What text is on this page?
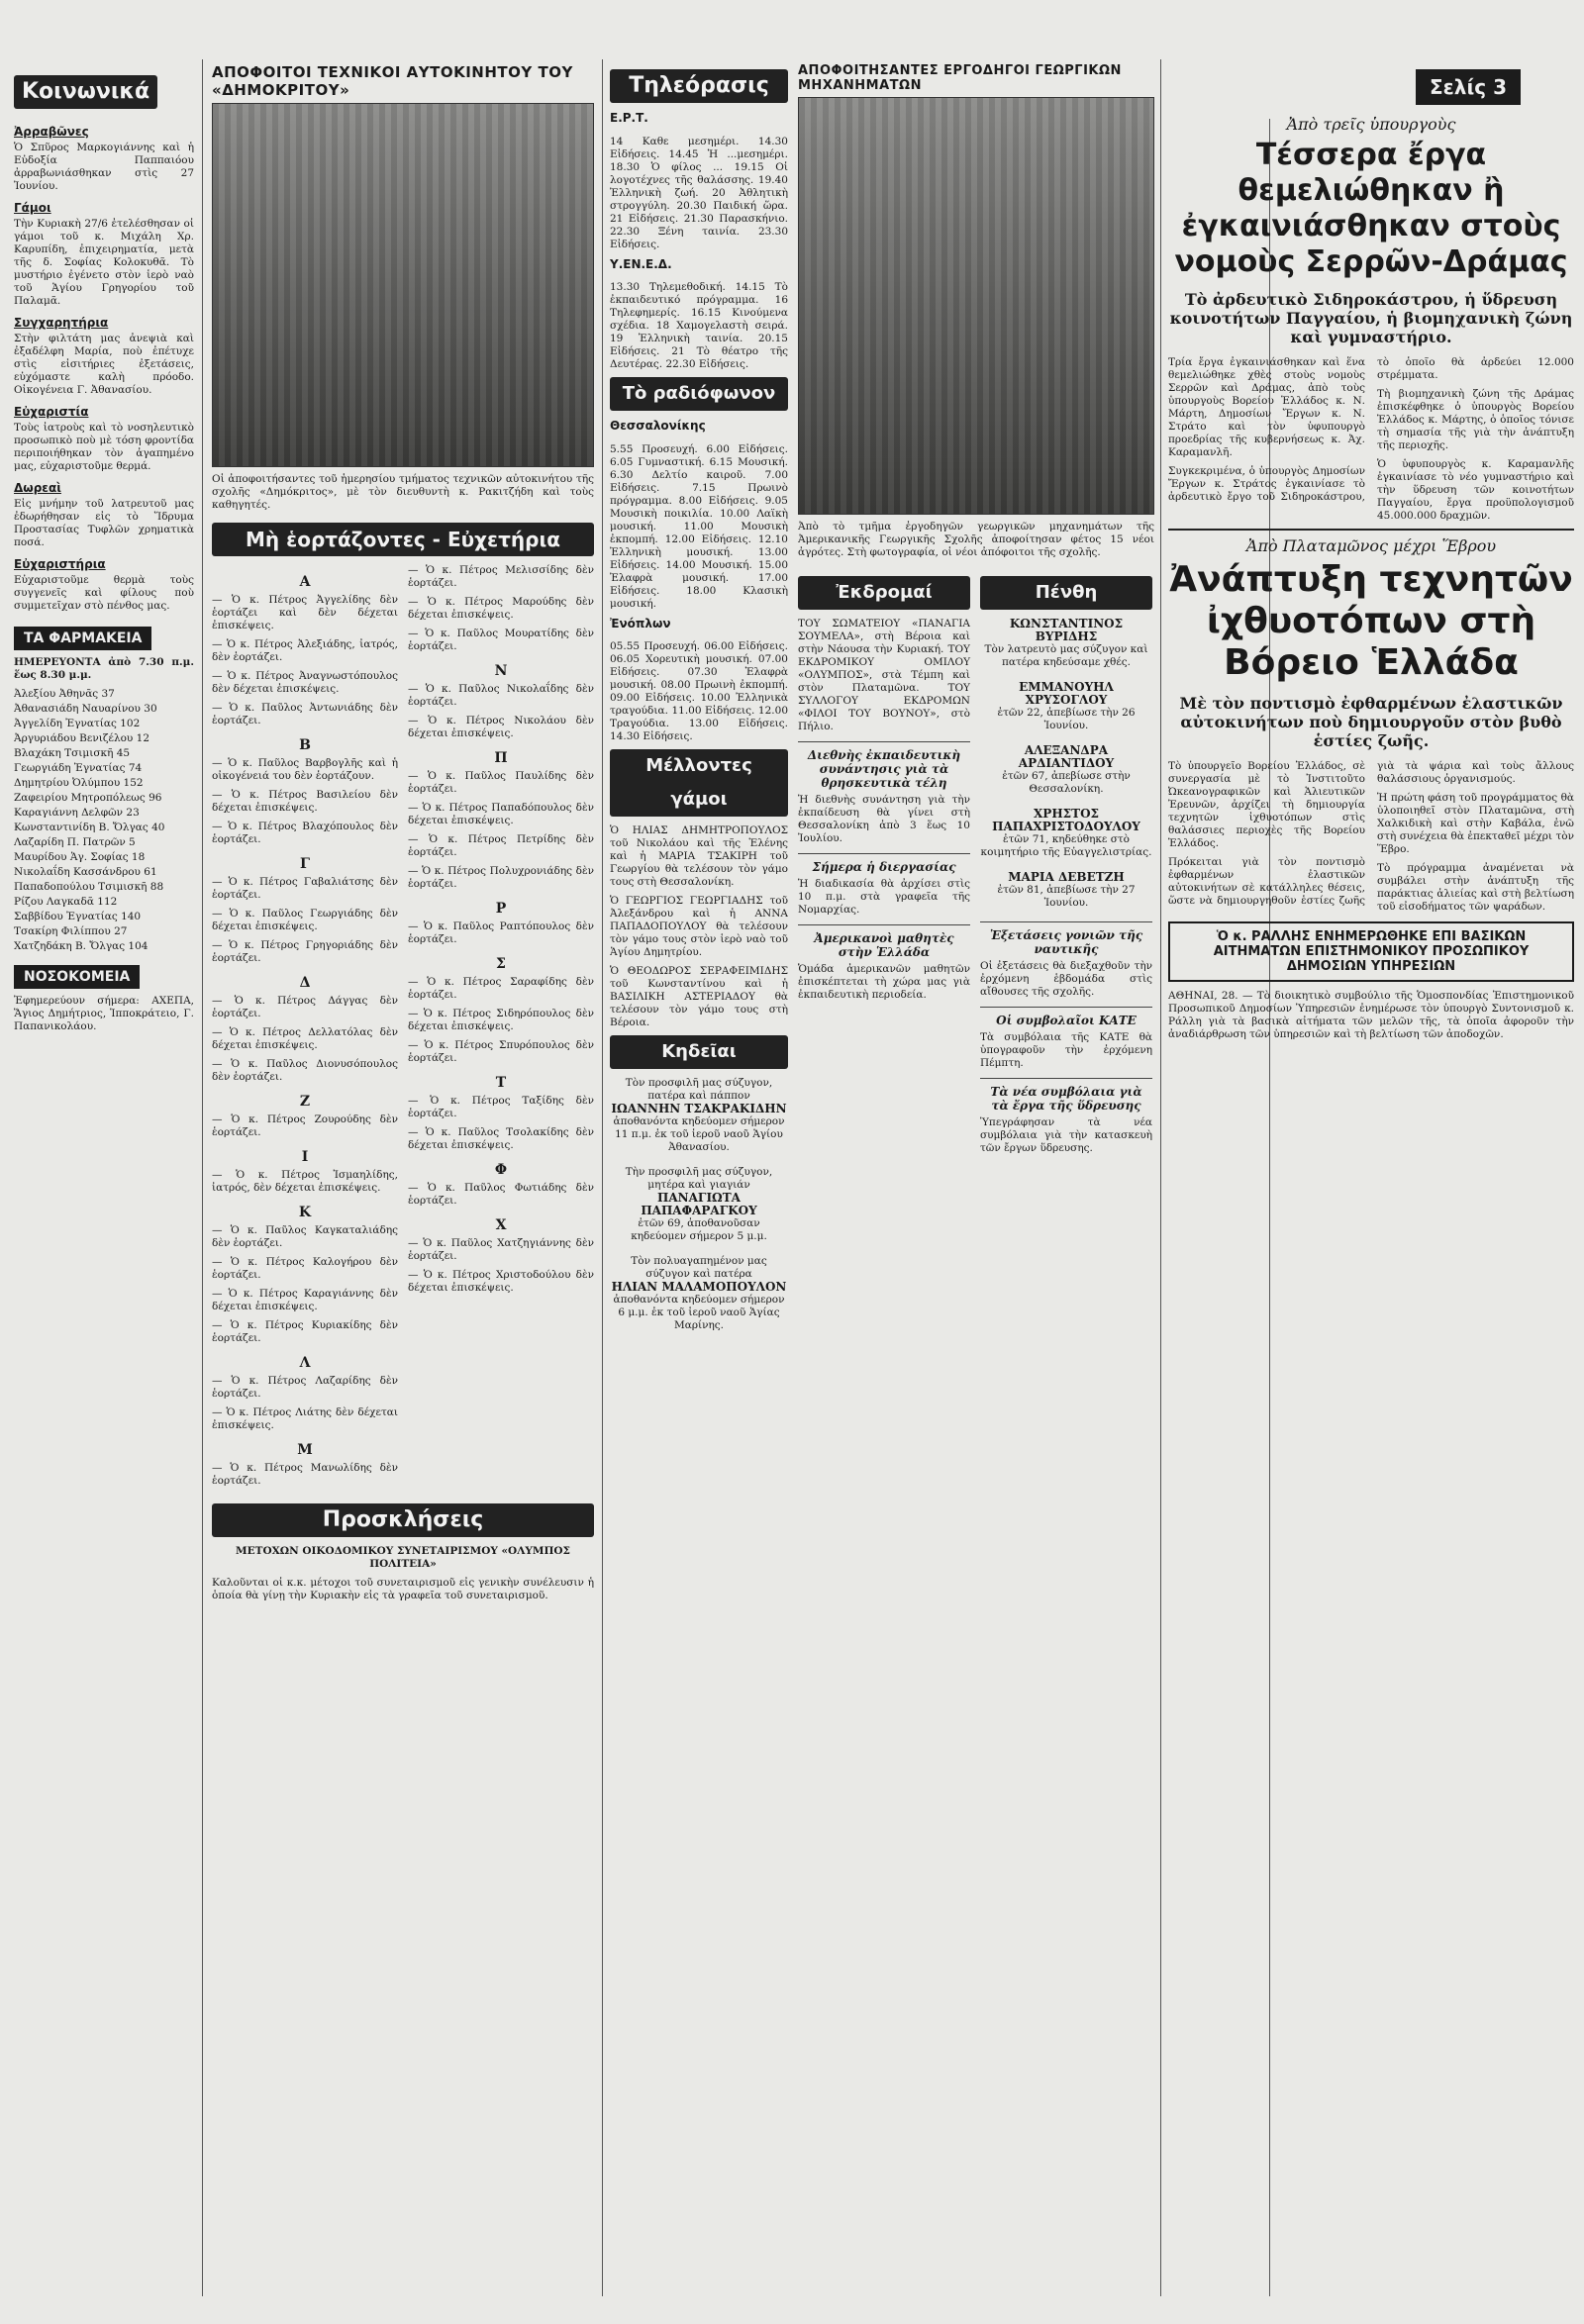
Σελίς 3
Κοινωνικά
Ἀρραβῶνες

Ὁ Σπῦρος Μαρκογιάννης καὶ ἡ Εὐδοξία Παππαιόου ἀρραβωνιάσθηκαν στὶς 27 Ἰουνίου.

Γάμοι

Τὴν Κυριακὴ 27/6 ἐτελέσθησαν οἱ γάμοι τοῦ κ. Μιχάλη Χρ. Καρυπίδη, ἐπιχειρηματία, μετὰ τῆς δ. Σοφίας Κολοκυθᾶ. Τὸ μυστήριο ἐγένετο στὸν ἱερὸ ναὸ τοῦ Ἁγίου Γρηγορίου τοῦ Παλαμᾶ.

Συγχαρητήρια

Στὴν φιλτάτη μας ἀνεψιὰ καὶ ἐξαδέλφη Μαρία, ποὺ ἐπέτυχε στὶς εἰσιτήριες ἐξετάσεις, εὐχόμαστε καλὴ πρόοδο. Οἰκογένεια Γ. Ἀθανασίου.

Εὐχαριστία

Τοὺς ἰατροὺς καὶ τὸ νοσηλευτικὸ προσωπικὸ ποὺ μὲ τόση φροντίδα περιποιήθηκαν τὸν ἀγαπημένο μας, εὐχαριστοῦμε θερμά.

Δωρεαὶ

Εἰς μνήμην τοῦ λατρευτοῦ μας ἐδωρήθησαν εἰς τὸ Ἵδρυμα Προστασίας Τυφλῶν χρηματικὰ ποσά.

Εὐχαριστήρια

Εὐχαριστοῦμε θερμὰ τοὺς συγγενεῖς καὶ φίλους ποὺ συμμετεῖχαν στὸ πένθος μας.

ΤΑ ΦΑΡΜΑΚΕΙΑ

ΗΜΕΡΕΥΟΝΤΑ ἀπὸ 7.30 π.μ. ἕως 8.30 μ.μ.

Ἀλεξίου Ἀθηνᾶς 37
Ἀθανασιάδη Ναυαρίνου 30
Ἀγγελίδη Ἐγνατίας 102
Ἀργυριάδου Βενιζέλου 12
Βλαχάκη Τσιμισκῆ 45
Γεωργιάδη Ἐγνατίας 74
Δημητρίου Ὀλύμπου 152
Ζαφειρίου Μητροπόλεως 96
Καραγιάννη Δελφῶν 23
Κωνσταντινίδη Β. Ὄλγας 40
Λαζαρίδη Π. Πατρῶν 5
Μαυρίδου Ἁγ. Σοφίας 18
Νικολαΐδη Κασσάνδρου 61
Παπαδοπούλου Τσιμισκῆ 88
Ρίζου Λαγκαδᾶ 112
Σαββίδου Ἐγνατίας 140
Τσακίρη Φιλίππου 27
Χατζηδάκη Β. Ὄλγας 104
ΝΟΣΟΚΟΜΕΙΑ

Ἐφημερεύουν σήμερα: ΑΧΕΠΑ, Ἅγιος Δημήτριος, Ἱπποκράτειο, Γ. Παπανικολάου.

ΑΠΟΦΟΙΤΟΙ ΤΕΧΝΙΚΟΙ ΑΥΤΟΚΙΝΗΤΟΥ ΤΟΥ «ΔΗΜΟΚΡΙΤΟΥ»

Οἱ ἀποφοιτήσαντες τοῦ ἡμερησίου τμήματος τεχνικῶν αὐτοκινήτου τῆς σχολῆς «Δημόκριτος», μὲ τὸν διευθυντὴ κ. Ρακιτζήδη καὶ τοὺς καθηγητές.

Μὴ ἑορτάζοντες - Εὐχετήρια
Α

— Ὁ κ. Πέτρος Ἀγγελίδης δὲν ἑορτάζει καὶ δὲν δέχεται ἐπισκέψεις.

— Ὁ κ. Πέτρος Ἀλεξιάδης, ἰατρός, δὲν ἑορτάζει.

— Ὁ κ. Πέτρος Ἀναγνωστόπουλος δὲν δέχεται ἐπισκέψεις.

— Ὁ κ. Παῦλος Ἀντωνιάδης δὲν ἑορτάζει.

Β

— Ὁ κ. Παῦλος Βαρβογλῆς καὶ ἡ οἰκογένειά του δὲν ἑορτάζουν.

— Ὁ κ. Πέτρος Βασιλείου δὲν δέχεται ἐπισκέψεις.

— Ὁ κ. Πέτρος Βλαχόπουλος δὲν ἑορτάζει.

Γ

— Ὁ κ. Πέτρος Γαβαλιάτσης δὲν ἑορτάζει.

— Ὁ κ. Παῦλος Γεωργιάδης δὲν δέχεται ἐπισκέψεις.

— Ὁ κ. Πέτρος Γρηγοριάδης δὲν ἑορτάζει.

Δ

— Ὁ κ. Πέτρος Δάγγας δὲν ἑορτάζει.

— Ὁ κ. Πέτρος Δελλατόλας δὲν δέχεται ἐπισκέψεις.

— Ὁ κ. Παῦλος Διονυσόπουλος δὲν ἑορτάζει.

Ζ

— Ὁ κ. Πέτρος Ζουρούδης δὲν ἑορτάζει.

Ι

— Ὁ κ. Πέτρος Ἰσμαηλίδης, ἰατρός, δὲν δέχεται ἐπισκέψεις.

Κ

— Ὁ κ. Παῦλος Καγκαταλιάδης δὲν ἑορτάζει.

— Ὁ κ. Πέτρος Καλογήρου δὲν ἑορτάζει.

— Ὁ κ. Πέτρος Καραγιάννης δὲν δέχεται ἐπισκέψεις.

— Ὁ κ. Πέτρος Κυριακίδης δὲν ἑορτάζει.

Λ

— Ὁ κ. Πέτρος Λαζαρίδης δὲν ἑορτάζει.

— Ὁ κ. Πέτρος Λιάτης δὲν δέχεται ἐπισκέψεις.

Μ

— Ὁ κ. Πέτρος Μανωλίδης δὲν ἑορτάζει.

— Ὁ κ. Πέτρος Μελισσίδης δὲν ἑορτάζει.

— Ὁ κ. Πέτρος Μαρούδης δὲν δέχεται ἐπισκέψεις.

— Ὁ κ. Παῦλος Μουρατίδης δὲν ἑορτάζει.

Ν

— Ὁ κ. Παῦλος Νικολαΐδης δὲν ἑορτάζει.

— Ὁ κ. Πέτρος Νικολάου δὲν δέχεται ἐπισκέψεις.

Π

— Ὁ κ. Παῦλος Παυλίδης δὲν ἑορτάζει.

— Ὁ κ. Πέτρος Παπαδόπουλος δὲν δέχεται ἐπισκέψεις.

— Ὁ κ. Πέτρος Πετρίδης δὲν ἑορτάζει.

— Ὁ κ. Πέτρος Πολυχρονιάδης δὲν ἑορτάζει.

Ρ

— Ὁ κ. Παῦλος Ραπτόπουλος δὲν ἑορτάζει.

Σ

— Ὁ κ. Πέτρος Σαραφίδης δὲν ἑορτάζει.

— Ὁ κ. Πέτρος Σιδηρόπουλος δὲν δέχεται ἐπισκέψεις.

— Ὁ κ. Πέτρος Σπυρόπουλος δὲν ἑορτάζει.

Τ

— Ὁ κ. Πέτρος Ταξίδης δὲν ἑορτάζει.

— Ὁ κ. Παῦλος Τσολακίδης δὲν δέχεται ἐπισκέψεις.

Φ

— Ὁ κ. Παῦλος Φωτιάδης δὲν ἑορτάζει.

Χ

— Ὁ κ. Παῦλος Χατζηγιάννης δὲν ἑορτάζει.

— Ὁ κ. Πέτρος Χριστοδούλου δὲν δέχεται ἐπισκέψεις.

Προσκλήσεις

ΜΕΤΟΧΩΝ ΟΙΚΟΔΟΜΙΚΟΥ ΣΥΝΕΤΑΙΡΙΣΜΟΥ «ΟΛΥΜΠΟΣ ΠΟΛΙΤΕΙΑ»

Καλοῦνται οἱ κ.κ. μέτοχοι τοῦ συνεταιρισμοῦ εἰς γενικὴν συνέλευσιν ἡ ὁποία θὰ γίνῃ τὴν Κυριακὴν εἰς τὰ γραφεῖα τοῦ συνεταιρισμοῦ.

Τηλεόρασις
Ε.Ρ.Τ.

14 Καθε μεσημέρι. 14.30 Εἰδήσεις. 14.45 Ἡ ...μεσημέρι. 18.30 Ὁ φίλος ... 19.15 Οἱ λογοτέχνες τῆς θαλάσσης. 19.40 Ἐλληνικὴ ζωή. 20 Ἀθλητικὴ στρογγύλη. 20.30 Παιδική ὥρα. 21 Εἰδήσεις. 21.30 Παρασκήνιο. 22.30 Ξένη ταινία. 23.30 Εἰδήσεις.

Υ.ΕΝ.Ε.Δ.

13.30 Τηλεμεθοδική. 14.15 Τὸ ἐκπαιδευτικό πρόγραμμα. 16 Τηλεφημερίς. 16.15 Κινούμενα σχέδια. 18 Χαμογελαστὴ σειρά. 19 Ἐλληνικὴ ταινία. 20.15 Εἰδήσεις. 21 Τὸ θέατρο τῆς Δευτέρας. 22.30 Εἰδήσεις.

Τὸ ραδιόφωνον
Θεσσαλονίκης

5.55 Προσευχή. 6.00 Εἰδήσεις. 6.05 Γυμναστική. 6.15 Μουσική. 6.30 Δελτίο καιροῦ. 7.00 Εἰδήσεις. 7.15 Πρωινὸ πρόγραμμα. 8.00 Εἰδήσεις. 9.05 Μουσικὴ ποικιλία. 10.00 Λαϊκὴ μουσική. 11.00 Μουσικὴ ἐκπομπή. 12.00 Εἰδήσεις. 12.10 Ἐλληνικὴ μουσική. 13.00 Εἰδήσεις. 14.00 Μουσική. 15.00 Ἐλαφρὰ μουσική. 17.00 Εἰδήσεις. 18.00 Κλασικὴ μουσική.

Ἐνόπλων

05.55 Προσευχή. 06.00 Εἰδήσεις. 06.05 Χορευτικὴ μουσική. 07.00 Εἰδήσεις. 07.30 Ἐλαφρὰ μουσική. 08.00 Πρωινὴ ἐκπομπή. 09.00 Εἰδήσεις. 10.00 Ἐλληνικὰ τραγούδια. 11.00 Εἰδήσεις. 12.00 Τραγούδια. 13.00 Εἰδήσεις. 14.30 Εἰδήσεις.

Μέλλοντες γάμοι

Ὁ ΗΛΙΑΣ ΔΗΜΗΤΡΟΠΟΥΛΟΣ τοῦ Νικολάου καὶ τῆς Ἑλένης καὶ ἡ ΜΑΡΙΑ ΤΣΑΚΙΡΗ τοῦ Γεωργίου θὰ τελέσουν τὸν γάμο τους στὴ Θεσσαλονίκη.

Ὁ ΓΕΩΡΓΙΟΣ ΓΕΩΡΓΙΑΔΗΣ τοῦ Ἀλεξάνδρου καὶ ἡ ΑΝΝΑ ΠΑΠΑΔΟΠΟΥΛΟΥ θὰ τελέσουν τὸν γάμο τους στὸν ἱερὸ ναὸ τοῦ Ἁγίου Δημητρίου.

Ὁ ΘΕΟΔΩΡΟΣ ΣΕΡΑΦΕΙΜΙΔΗΣ τοῦ Κωνσταντίνου καὶ ἡ ΒΑΣΙΛΙΚΗ ΑΣΤΕΡΙΑΔΟΥ θὰ τελέσουν τὸν γάμο τους στὴ Βέροια.

Κηδεῖαι
Τὸν προσφιλῆ μας σύζυγον, πατέρα καὶ πάππον
ΙΩΑΝΝΗΝ ΤΣΑΚΡΑΚΙΔΗΝ
ἀποθανόντα κηδεύομεν σήμερον 11 π.μ. ἐκ τοῦ ἱεροῦ ναοῦ Ἁγίου Ἀθανασίου.
Τὴν προσφιλῆ μας σύζυγον, μητέρα καὶ γιαγιάν
ΠΑΝΑΓΙΩΤΑ ΠΑΠΑΦΑΡΑΓΚΟΥ
ἐτῶν 69, ἀποθανοῦσαν κηδεύομεν σήμερον 5 μ.μ.
Τὸν πολυαγαπημένον μας σύζυγον καὶ πατέρα
ΗΛΙΑΝ ΜΑΛΑΜΟΠΟΥΛΟΝ
ἀποθανόντα κηδεύομεν σήμερον 6 μ.μ. ἐκ τοῦ ἱεροῦ ναοῦ Ἁγίας Μαρίνης.
ΑΠΟΦΟΙΤΗΣΑΝΤΕΣ ΕΡΓΟΔΗΓΟΙ ΓΕΩΡΓΙΚΩΝ ΜΗΧΑΝΗΜΑΤΩΝ

Ἀπὸ τὸ τμῆμα ἐργοδηγῶν γεωργικῶν μηχανημάτων τῆς Ἀμερικανικῆς Γεωργικῆς Σχολῆς ἀποφοίτησαν φέτος 15 νέοι ἀγρότες. Στὴ φωτογραφία, οἱ νέοι ἀπόφοιτοι τῆς σχολῆς.

Ἐκδρομαί

ΤΟΥ ΣΩΜΑΤΕΙΟΥ «ΠΑΝΑΓΙΑ ΣΟΥΜΕΛΑ», στὴ Βέροια καὶ στὴν Νάουσα τὴν Κυριακή. ΤΟΥ ΕΚΔΡΟΜΙΚΟΥ ΟΜΙΛΟΥ «ΟΛΥΜΠΟΣ», στὰ Τέμπη καὶ στὸν Πλαταμῶνα. ΤΟΥ ΣΥΛΛΟΓΟΥ ΕΚΔΡΟΜΩΝ «ΦΙΛΟΙ ΤΟΥ ΒΟΥΝΟΥ», στὸ Πήλιο.

Διεθνὴς ἐκπαιδευτικὴ συνάντησις γιὰ τὰ θρησκευτικὰ τέλη

Ἡ διεθνὴς συνάντηση γιὰ τὴν ἐκπαίδευση θὰ γίνει στὴ Θεσσαλονίκη ἀπὸ 3 ἕως 10 Ἰουλίου.

Σήμερα ἡ διεργασίας

Ἡ διαδικασία θὰ ἀρχίσει στὶς 10 π.μ. στὰ γραφεῖα τῆς Νομαρχίας.

Ἀμερικανοὶ μαθητὲς στὴν Ἑλλάδα

Ὁμάδα ἀμερικανῶν μαθητῶν ἐπισκέπτεται τὴ χώρα μας γιὰ ἐκπαιδευτικὴ περιοδεία.

Πένθη
ΚΩΝΣΤΑΝΤΙΝΟΣ ΒΥΡΙΔΗΣ
Τὸν λατρευτὸ μας σύζυγον καὶ πατέρα κηδεύσαμε χθές.
ΕΜΜΑΝΟΥΗΛ ΧΡΥΣΟΓΛΟΥ
ἐτῶν 22, ἀπεβίωσε τὴν 26 Ἰουνίου.
ΑΛΕΞΑΝΔΡΑ ΑΡΔΙΑΝΤΙΔΟΥ
ἐτῶν 67, ἀπεβίωσε στὴν Θεσσαλονίκη.
ΧΡΗΣΤΟΣ ΠΑΠΑΧΡΙΣΤΟΔΟΥΛΟΥ
ἐτῶν 71, κηδεύθηκε στὸ κοιμητήριο τῆς Εὐαγγελιστρίας.
ΜΑΡΙΑ ΔΕΒΕΤΖΗ
ἐτῶν 81, ἀπεβίωσε τὴν 27 Ἰουνίου.
Ἐξετάσεις γονιῶν τῆς ναυτικῆς

Οἱ ἐξετάσεις θὰ διεξαχθοῦν τὴν ἐρχόμενη ἑβδομάδα στὶς αἴθουσες τῆς σχολῆς.

Οἱ συμβολαῖοι ΚΑΤΕ

Τὰ συμβόλαια τῆς ΚΑΤΕ θὰ ὑπογραφοῦν τὴν ἐρχόμενη Πέμπτη.

Τὰ νέα συμβόλαια γιὰ τὰ ἔργα τῆς ὕδρευσης

Ὑπεγράφησαν τὰ νέα συμβόλαια γιὰ τὴν κατασκευὴ τῶν ἔργων ὕδρευσης.

Ἀπὸ τρεῖς ὑπουργοὺς
Τέσσερα ἔργα θεμελιώθηκαν ἢ ἐγκαινιάσθηκαν στοὺς νομοὺς Σερρῶν-Δράμας
Τὸ ἀρδευτικὸ Σιδηροκάστρου, ἡ ὕδρευση κοινοτήτων Παγγαίου, ἡ βιομηχανικὴ ζώνη καὶ γυμναστήριο.

Τρία ἔργα ἐγκαινιάσθηκαν καὶ ἕνα θεμελιώθηκε χθὲς στοὺς νομοὺς Σερρῶν καὶ Δράμας, ἀπὸ τοὺς ὑπουργοὺς Βορείου Ἑλλάδος κ. Ν. Μάρτη, Δημοσίων Ἔργων κ. Ν. Στράτο καὶ τὸν ὑφυπουργὸ προεδρίας τῆς κυβερνήσεως κ. Ἀχ. Καραμανλῆ.

Συγκεκριμένα, ὁ ὑπουργὸς Δημοσίων Ἔργων κ. Στράτος ἐγκαινίασε τὸ ἀρδευτικὸ ἔργο τοῦ Σιδηροκάστρου, τὸ ὁποῖο θὰ ἀρδεύει 12.000 στρέμματα.

Τὴ βιομηχανικὴ ζώνη τῆς Δράμας ἐπισκέφθηκε ὁ ὑπουργὸς Βορείου Ἑλλάδος κ. Μάρτης, ὁ ὁποῖος τόνισε τὴ σημασία τῆς γιὰ τὴν ἀνάπτυξη τῆς περιοχῆς.

Ὁ ὑφυπουργὸς κ. Καραμανλῆς ἐγκαινίασε τὸ νέο γυμναστήριο καὶ τὴν ὕδρευση τῶν κοινοτήτων Παγγαίου, ἔργα προϋπολογισμοῦ 45.000.000 δραχμῶν.

Ἀπὸ Πλαταμῶνος μέχρι Ἕβρου
Ἀνάπτυξη τεχνητῶν ἰχθυοτόπων στὴ Βόρειο Ἑλλάδα
Μὲ τὸν ποντισμὸ ἐφθαρμένων ἐλαστικῶν αὐτοκινήτων ποὺ δημιουργοῦν στὸν βυθὸ ἑστίες ζωῆς.

Τὸ ὑπουργεῖο Βορείου Ἑλλάδος, σὲ συνεργασία μὲ τὸ Ἰνστιτοῦτο Ὠκεανογραφικῶν καὶ Ἁλιευτικῶν Ἐρευνῶν, ἀρχίζει τὴ δημιουργία τεχνητῶν ἰχθυοτόπων στὶς θαλάσσιες περιοχὲς τῆς Βορείου Ἑλλάδος.

Πρόκειται γιὰ τὸν ποντισμὸ ἐφθαρμένων ἐλαστικῶν αὐτοκινήτων σὲ κατάλληλες θέσεις, ὥστε νὰ δημιουργηθοῦν ἑστίες ζωῆς γιὰ τὰ ψάρια καὶ τοὺς ἄλλους θαλάσσιους ὀργανισμούς.

Ἡ πρώτη φάση τοῦ προγράμματος θὰ ὑλοποιηθεῖ στὸν Πλαταμῶνα, στὴ Χαλκιδικὴ καὶ στὴν Καβάλα, ἐνῶ στὴ συνέχεια θὰ ἐπεκταθεῖ μέχρι τὸν Ἕβρο.

Τὸ πρόγραμμα ἀναμένεται νὰ συμβάλει στὴν ἀνάπτυξη τῆς παράκτιας ἁλιείας καὶ στὴ βελτίωση τοῦ εἰσοδήματος τῶν ψαράδων.

Ὁ κ. ΡΑΛΛΗΣ ΕΝΗΜΕΡΩΘΗΚΕ ΕΠΙ ΒΑΣΙΚΩΝ ΑΙΤΗΜΑΤΩΝ ΕΠΙΣΤΗΜΟΝΙΚΟΥ ΠΡΟΣΩΠΙΚΟΥ ΔΗΜΟΣΙΩΝ ΥΠΗΡΕΣΙΩΝ

ΑΘΗΝΑΙ, 28. — Τὸ διοικητικὸ συμβούλιο τῆς Ὁμοσπονδίας Ἐπιστημονικοῦ Προσωπικοῦ Δημοσίων Ὑπηρεσιῶν ἐνημέρωσε τὸν ὑπουργὸ Συντονισμοῦ κ. Ράλλη γιὰ τὰ βασικὰ αἰτήματα τῶν μελῶν τῆς, τὰ ὁποῖα ἀφοροῦν τὴν ἀναδιάρθρωση τῶν ὑπηρεσιῶν καὶ τὴ βελτίωση τῶν ἀποδοχῶν.
